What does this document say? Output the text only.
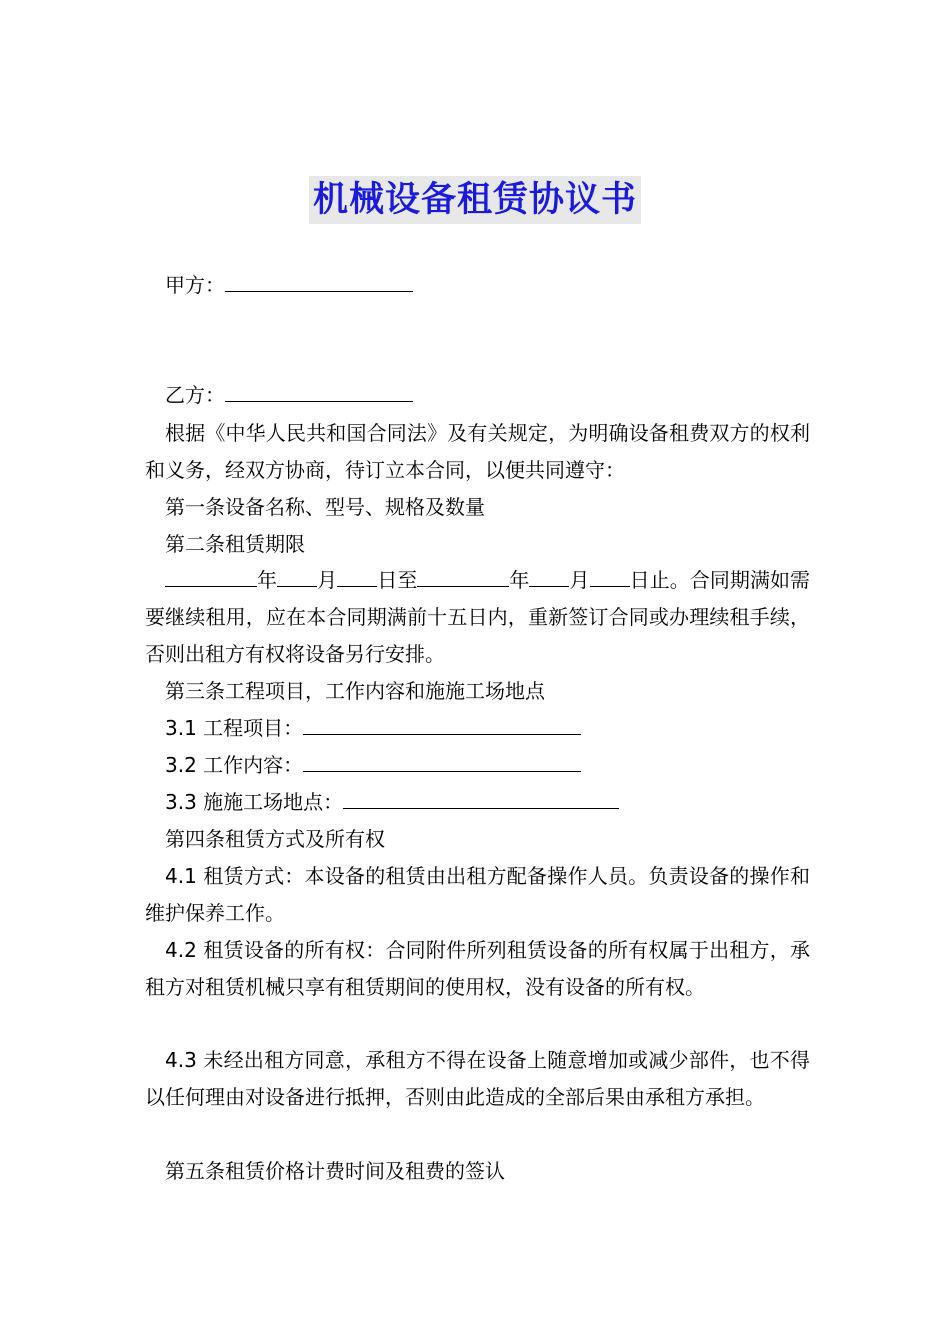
机械设备租赁协议书
甲方：
乙方：
根据《中华人民共和国合同法》及有关规定，为明确设备租费双方的权利和义务，经双方协商，待订立本合同，以便共同遵守：
第一条设备名称、型号、规格及数量
第二条租赁期限
年 月 日至	年 月 日止。合同期满如需要继续租用，应在本合同期满前十五日内，重新签订合同或办理续租手续，否则出租方有权将设备另行安排。
第三条工程项目，工作内容和施施工场地点
3.1 工程项目：
3.2 工作内容：
3.3 施施工场地点：
第四条租赁方式及所有权
4.1 租赁方式：本设备的租赁由出租方配备操作人员。负责设备的操作和维护保养工作。
4.2 租赁设备的所有权：合同附件所列租赁设备的所有权属于出租方，承租方对租赁机械只享有租赁期间的使用权，没有设备的所有权。
4.3 未经出租方同意，承租方不得在设备上随意增加或减少部件，也不得以任何理由对设备进行抵押，否则由此造成的全部后果由承租方承担。
第五条租赁价格计费时间及租费的签认
